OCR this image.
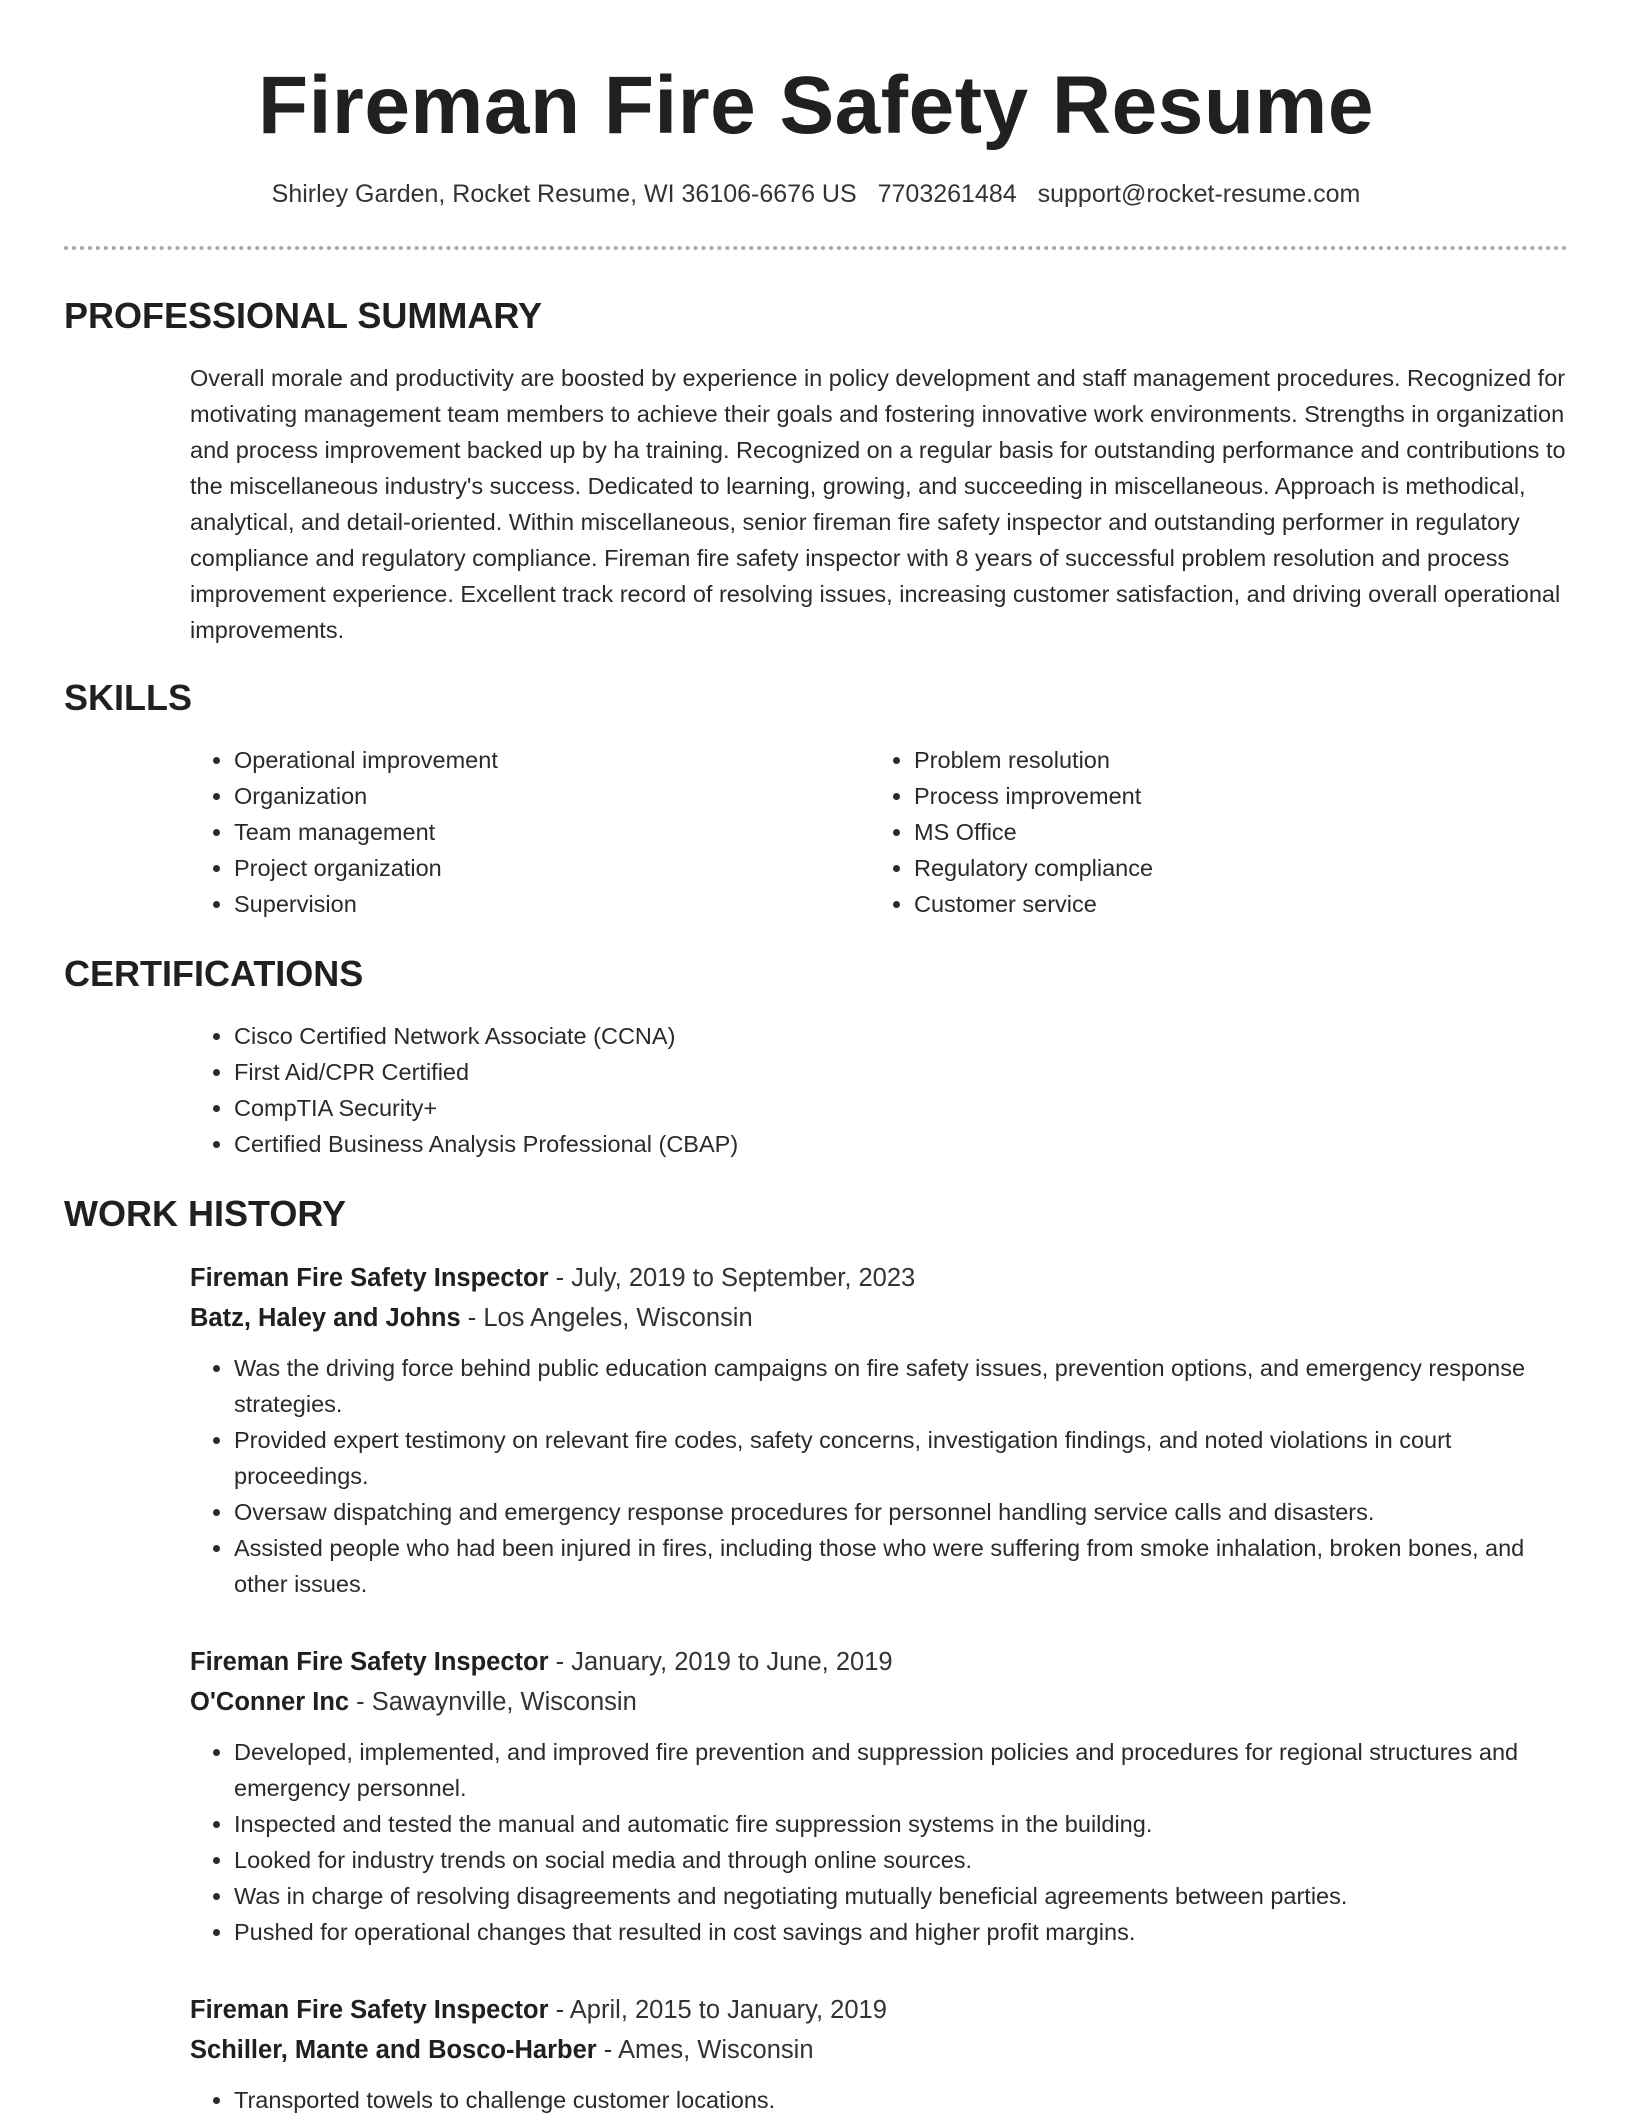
Fireman Fire Safety Resume
Shirley Garden, Rocket Resume, WI 36106-6676 US 7703261484 support@rocket-resume.com
PROFESSIONAL SUMMARY

Overall morale and productivity are boosted by experience in policy development and staff management procedures. Recognized for motivating management team members to achieve their goals and fostering innovative work environments. Strengths in organization and process improvement backed up by ha training. Recognized on a regular basis for outstanding performance and contributions to the miscellaneous industry's success. Dedicated to learning, growing, and succeeding in miscellaneous. Approach is methodical, analytical, and detail-oriented. Within miscellaneous, senior fireman fire safety inspector and outstanding performer in regulatory compliance and regulatory compliance. Fireman fire safety inspector with 8 years of successful problem resolution and process improvement experience. Excellent track record of resolving issues, increasing customer satisfaction, and driving overall operational improvements.

SKILLS
• Operational improvement
• Organization
• Team management
• Project organization
• Supervision
• Problem resolution
• Process improvement
• MS Office
• Regulatory compliance
• Customer service
CERTIFICATIONS
• Cisco Certified Network Associate (CCNA)
• First Aid/CPR Certified
• CompTIA Security+
• Certified Business Analysis Professional (CBAP)
WORK HISTORY
Fireman Fire Safety Inspector - July, 2019 to September, 2023
Batz, Haley and Johns - Los Angeles, Wisconsin
• Was the driving force behind public education campaigns on fire safety issues, prevention options, and emergency response strategies.
• Provided expert testimony on relevant fire codes, safety concerns, investigation findings, and noted violations in court proceedings.
• Oversaw dispatching and emergency response procedures for personnel handling service calls and disasters.
• Assisted people who had been injured in fires, including those who were suffering from smoke inhalation, broken bones, and other issues.
Fireman Fire Safety Inspector - January, 2019 to June, 2019
O'Conner Inc - Sawaynville, Wisconsin
• Developed, implemented, and improved fire prevention and suppression policies and procedures for regional structures and emergency personnel.
• Inspected and tested the manual and automatic fire suppression systems in the building.
• Looked for industry trends on social media and through online sources.
• Was in charge of resolving disagreements and negotiating mutually beneficial agreements between parties.
• Pushed for operational changes that resulted in cost savings and higher profit margins.
Fireman Fire Safety Inspector - April, 2015 to January, 2019
Schiller, Mante and Bosco-Harber - Ames, Wisconsin
• Transported towels to challenge customer locations.
